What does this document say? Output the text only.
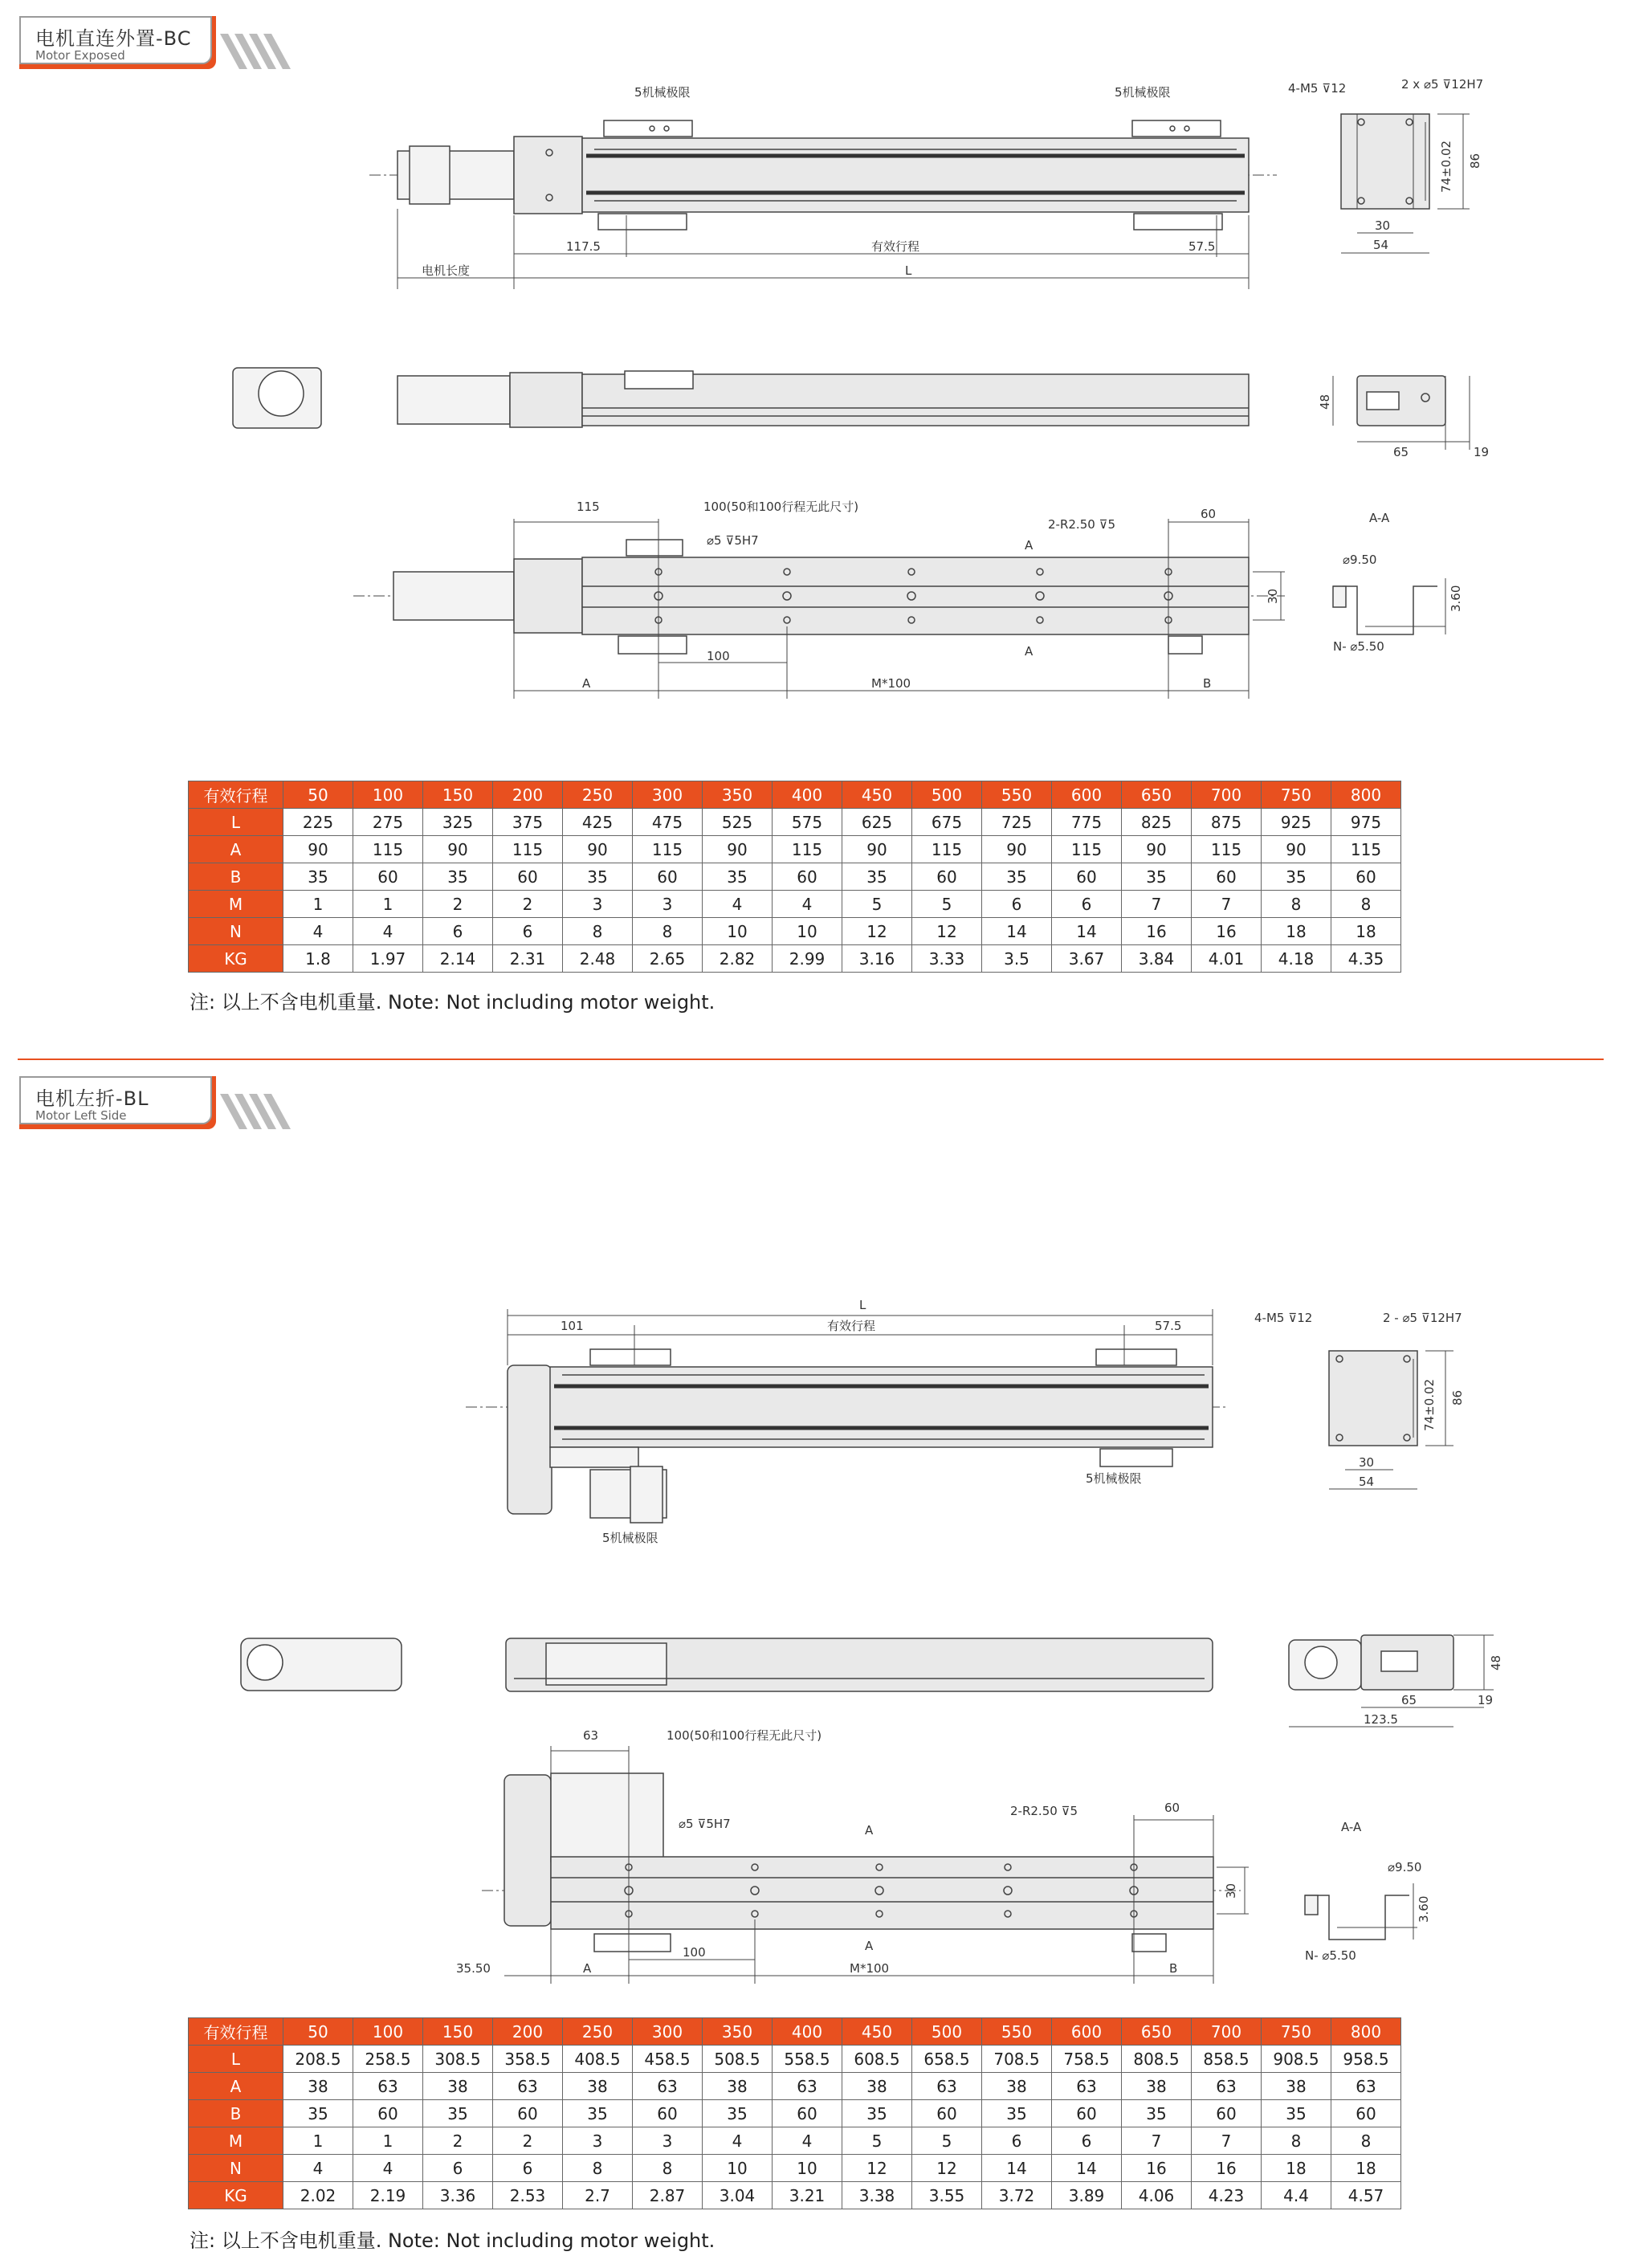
电机直连外置-BC
Motor Exposed
5机械极限	5机械极限
117.5	有效行程	57.5
电机长度	L
4-M5 ⊽12	2 x ⌀5 ⊽12H7
74±0.02 86
30
54
48
65	19
115	100(50和100行程无此尺寸)
⌀5 ⊽5H7
2-R2.50 ⊽5
60
A
A
30
100
A	M*100	B
A-A
⌀9.50
3.60
N- ⌀5.50
有效行程	50	100	150	200	250	300	350	400	450	500	550	600	650	700	750	800
L	225	275	325	375	425	475	525	575	625	675	725	775	825	875	925	975
A	90	115	90	115	90	115	90	115	90	115	90	115	90	115	90	115
B	35	60	35	60	35	60	35	60	35	60	35	60	35	60	35	60
M	1	1	2	2	3	3	4	4	5	5	6	6	7	7	8	8
N	4	4	6	6	8	8	10	10	12	12	14	14	16	16	18	18
KG	1.8	1.97	2.14	2.31	2.48	2.65	2.82	2.99	3.16	3.33	3.5	3.67	3.84	4.01	4.18	4.35
注: 以上不含电机重量. Note: Not including motor weight.
电机左折-BL
Motor Left Side
L
101	有效行程	57.5
5机械极限
5机械极限
4-M5 ⊽12	2 - ⌀5 ⊽12H7
74±0.02 86
30
54
48
65	19
123.5
63	100(50和100行程无此尺寸)
⌀5 ⊽5H7
2-R2.50 ⊽5	60
A
A
30
35.50	A
100
M*100	B
A-A
⌀9.50
3.60
N- ⌀5.50
有效行程	50	100	150	200	250	300	350	400	450	500	550	600	650	700	750	800
L	208.5	258.5	308.5	358.5	408.5	458.5	508.5	558.5	608.5	658.5	708.5	758.5	808.5	858.5	908.5	958.5
A	38	63	38	63	38	63	38	63	38	63	38	63	38	63	38	63
B	35	60	35	60	35	60	35	60	35	60	35	60	35	60	35	60
M	1	1	2	2	3	3	4	4	5	5	6	6	7	7	8	8
N	4	4	6	6	8	8	10	10	12	12	14	14	16	16	18	18
KG	2.02	2.19	3.36	2.53	2.7	2.87	3.04	3.21	3.38	3.55	3.72	3.89	4.06	4.23	4.4	4.57
注: 以上不含电机重量. Note: Not including motor weight.
